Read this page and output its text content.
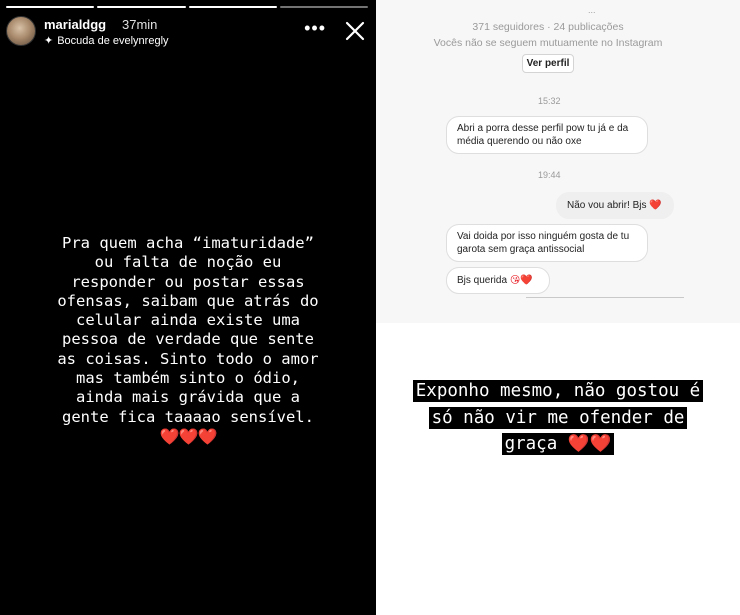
marialdgg 37min
✦ Bocuda de evelynregly
•••
Pra quem acha “imaturidade”
ou falta de noção eu
responder ou postar essas
ofensas, saibam que atrás do
celular ainda existe uma
pessoa de verdade que sente
as coisas. Sinto todo o amor
mas também sinto o ódio,
ainda mais grávida que a
gente fica taaaao sensível.
❤️❤️❤️
...
371 seguidores · 24 publicações
Vocês não se seguem mutuamente no Instagram
Ver perfil
15:32
Abri a porra desse perfil pow tu já e da
média querendo ou não oxe
19:44
Não vou abrir! Bjs ❤️
Vai doida por isso ninguém gosta de tu
garota sem graça antissocial
Bjs querida 😘❤️
Exponho mesmo, não gostou é
só não vir me ofender de
graça ❤️❤️
